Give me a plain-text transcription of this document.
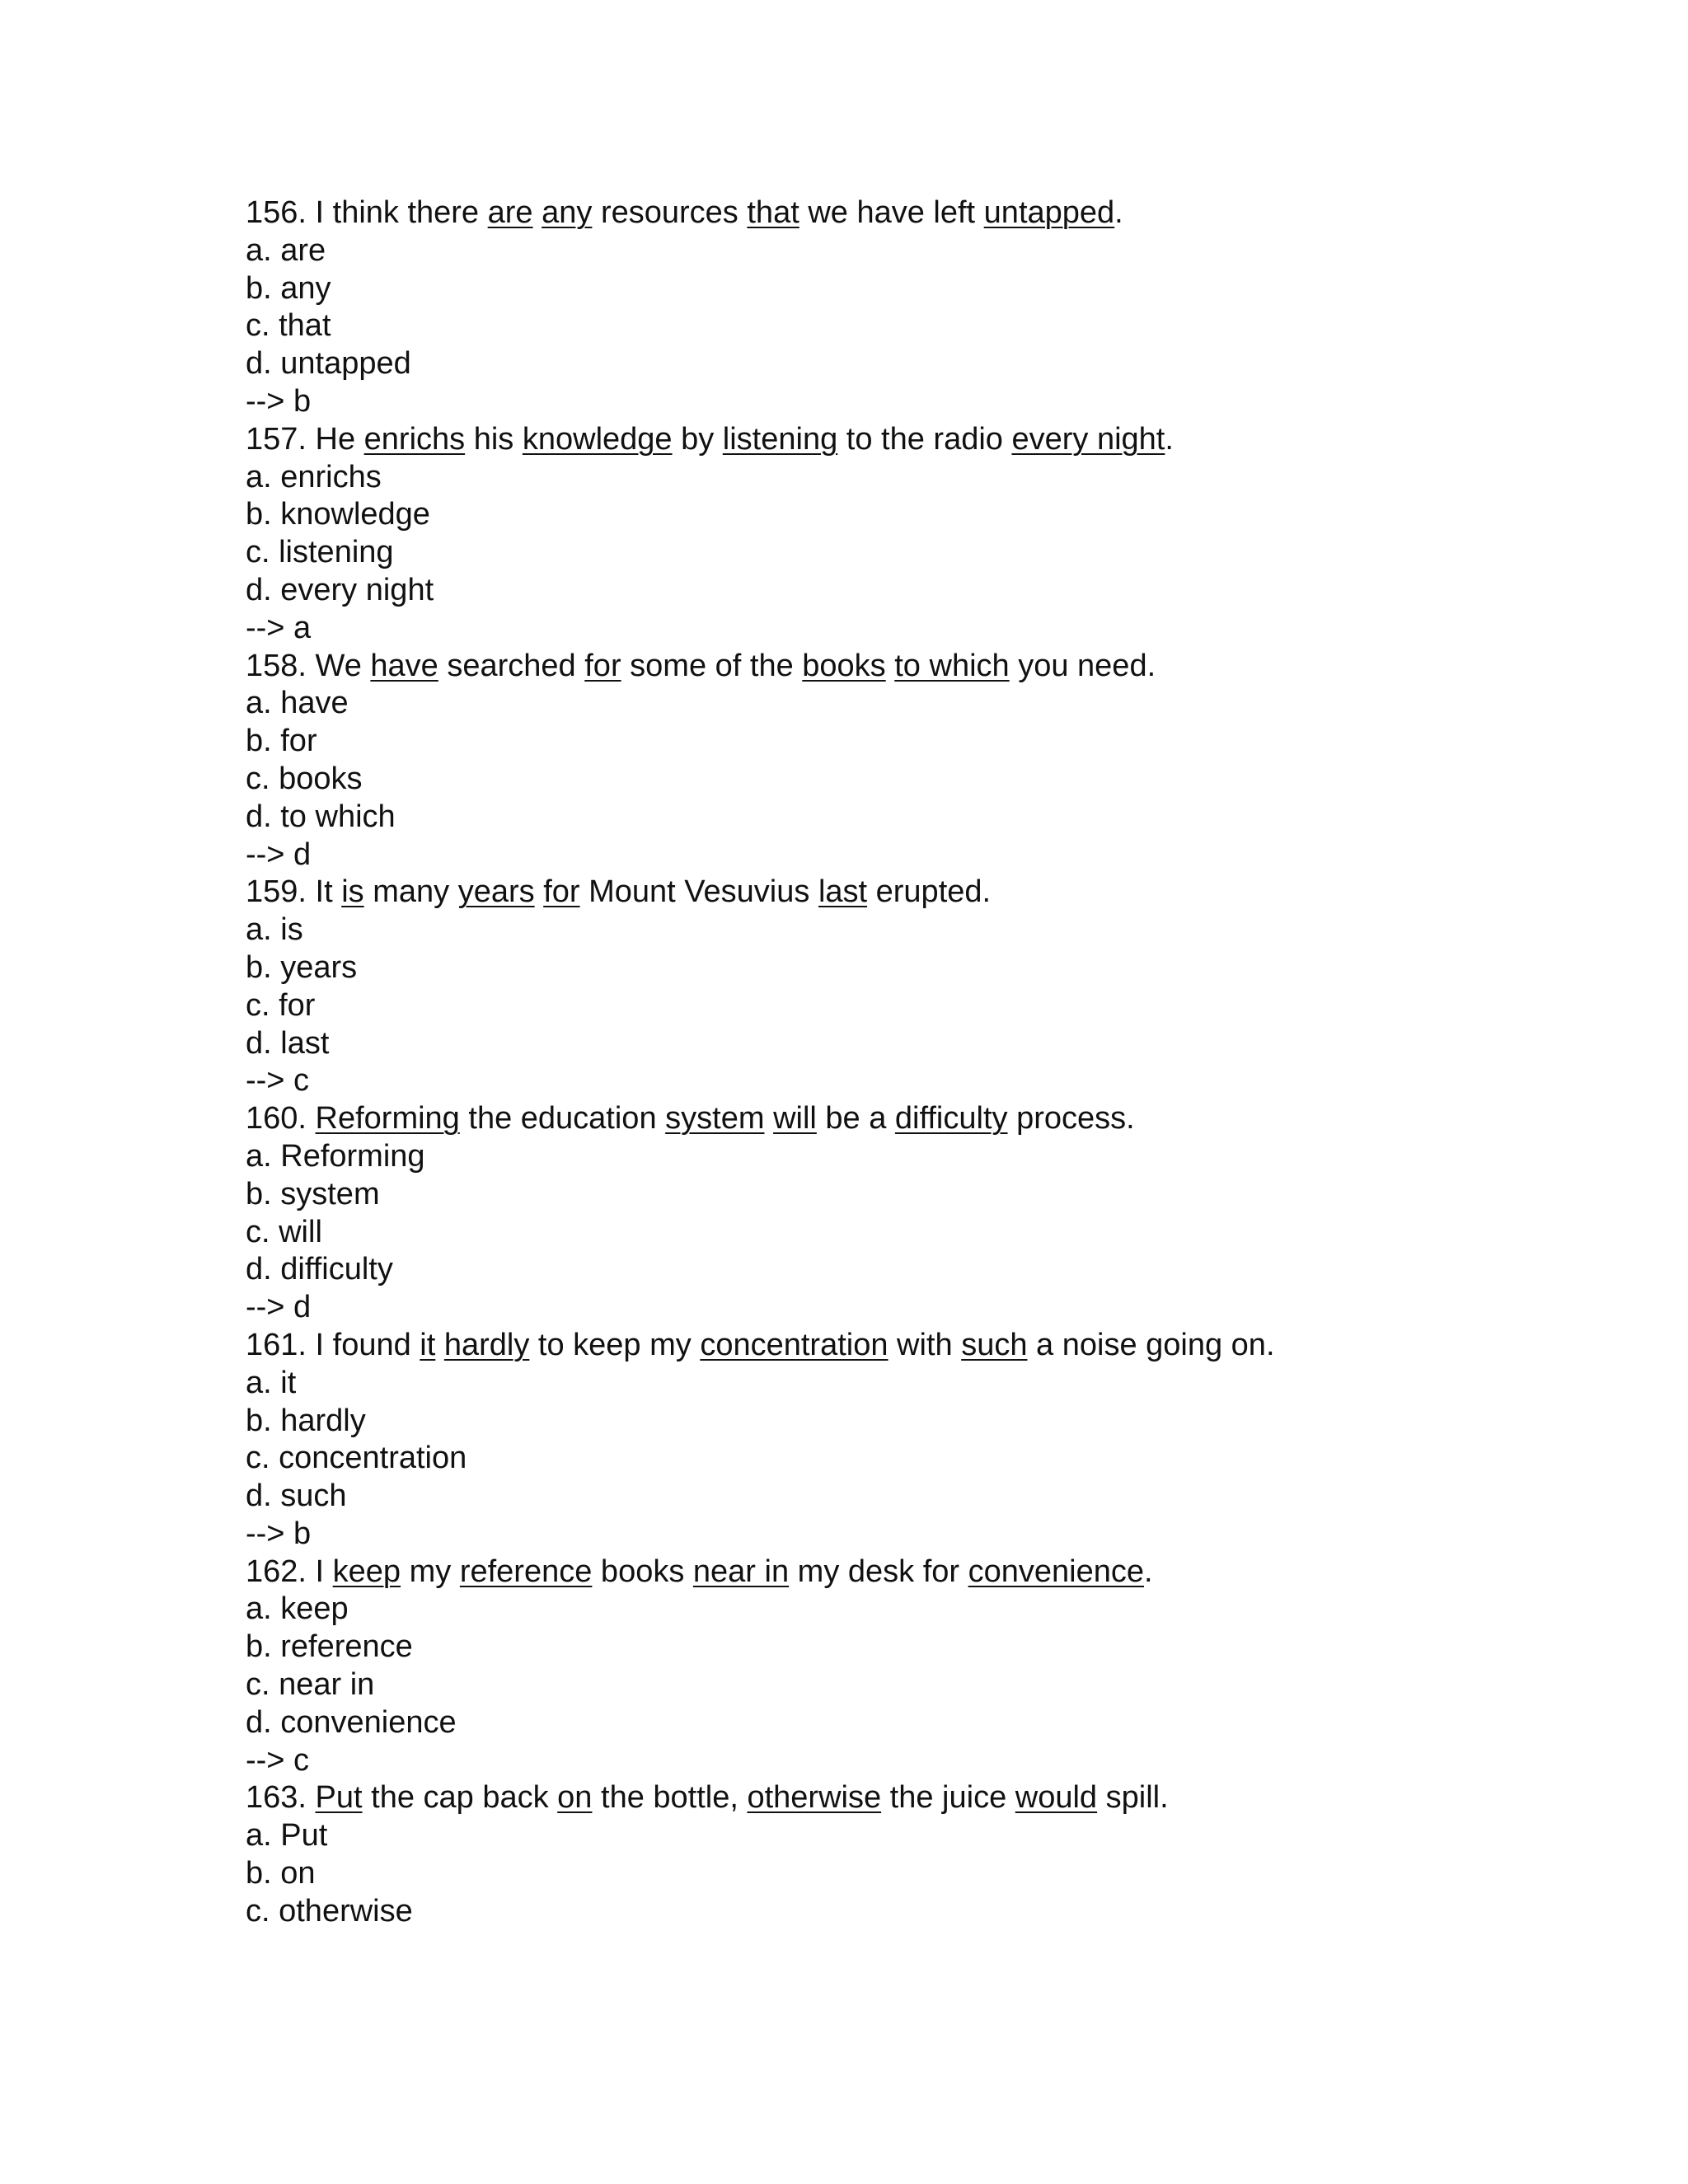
156. I think there are any resources that we have left untapped.
a. are
b. any
c. that
d. untapped
--> b
157. He enrichs his knowledge by listening to the radio every night.
a. enrichs
b. knowledge
c. listening
d. every night
--> a
158. We have searched for some of the books to which you need.
a. have
b. for
c. books
d. to which
--> d
159. It is many years for Mount Vesuvius last erupted.
a. is
b. years
c. for
d. last
--> c
160. Reforming the education system will be a difficulty process.
a. Reforming
b. system
c. will
d. difficulty
--> d
161. I found it hardly to keep my concentration with such a noise going on.
a. it
b. hardly
c. concentration
d. such
--> b
162. I keep my reference books near in my desk for convenience.
a. keep
b. reference
c. near in
d. convenience
--> c
163. Put the cap back on the bottle, otherwise the juice would spill.
a. Put
b. on
c. otherwise
